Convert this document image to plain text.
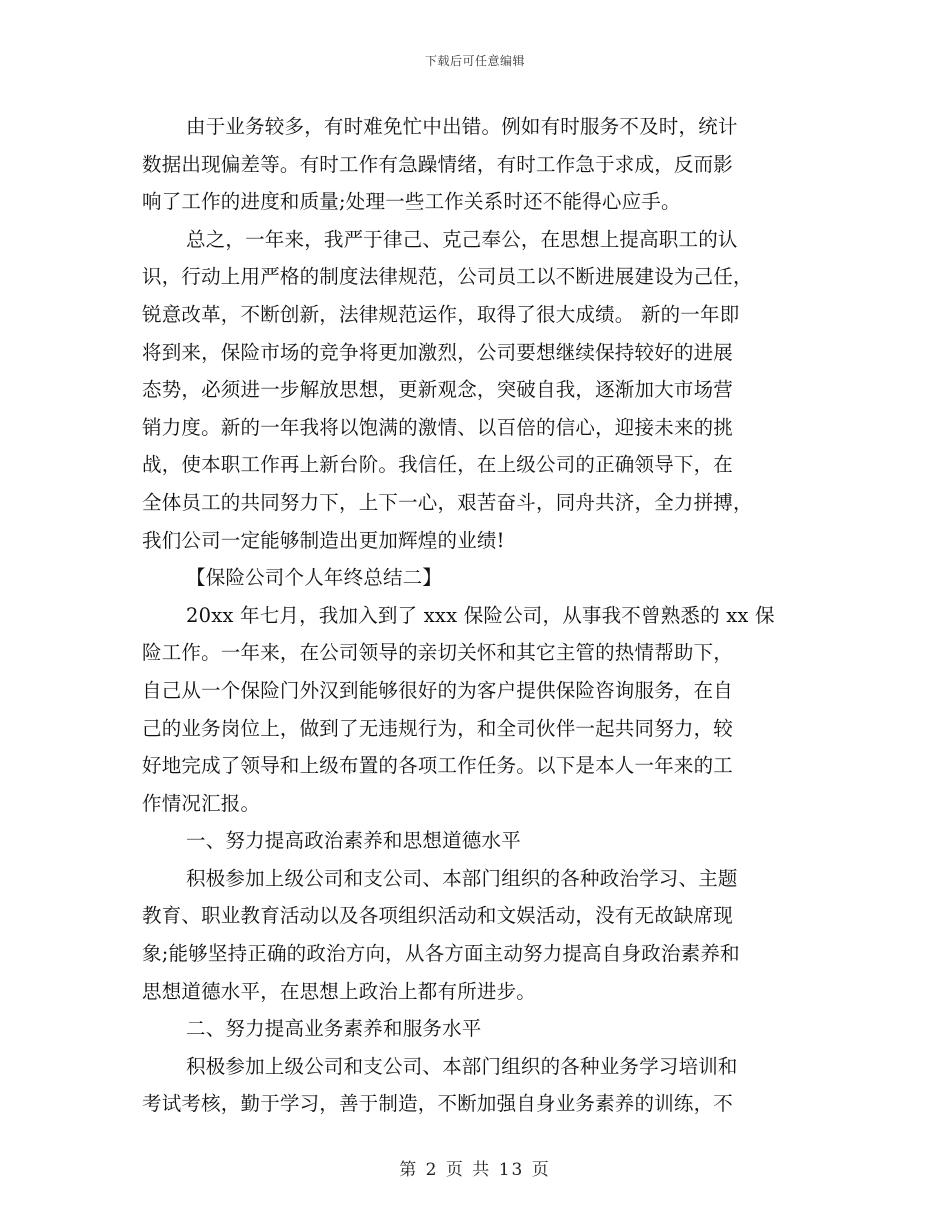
下载后可任意编辑
由于业务较多，有时难免忙中出错。例如有时服务不及时，统计
数据出现偏差等。有时工作有急躁情绪，有时工作急于求成，反而影
响了工作的进度和质量;处理一些工作关系时还不能得心应手。
总之，一年来，我严于律己、克己奉公，在思想上提高职工的认
识，行动上用严格的制度法律规范，公司员工以不断进展建设为己任，
锐意改革，不断创新，法律规范运作，取得了很大成绩。 新的一年即
将到来，保险市场的竞争将更加激烈，公司要想继续保持较好的进展
态势，必须进一步解放思想，更新观念，突破自我，逐渐加大市场营
销力度。新的一年我将以饱满的激情、以百倍的信心，迎接未来的挑
战，使本职工作再上新台阶。我信任，在上级公司的正确领导下，在
全体员工的共同努力下，上下一心，艰苦奋斗，同舟共济，全力拼搏，
我们公司一定能够制造出更加辉煌的业绩!
【保险公司个人年终总结二】
20xx 年七月，我加入到了 xxx 保险公司，从事我不曾熟悉的 xx 保
险工作。一年来，在公司领导的亲切关怀和其它主管的热情帮助下，
自己从一个保险门外汉到能够很好的为客户提供保险咨询服务，在自
己的业务岗位上，做到了无违规行为，和全司伙伴一起共同努力，较
好地完成了领导和上级布置的各项工作任务。以下是本人一年来的工
作情况汇报。
一、努力提高政治素养和思想道德水平
积极参加上级公司和支公司、本部门组织的各种政治学习、主题
教育、职业教育活动以及各项组织活动和文娱活动，没有无故缺席现
象;能够坚持正确的政治方向，从各方面主动努力提高自身政治素养和
思想道德水平，在思想上政治上都有所进步。
二、努力提高业务素养和服务水平
积极参加上级公司和支公司、本部门组织的各种业务学习培训和
考试考核，勤于学习，善于制造，不断加强自身业务素养的训练，不
第 2 页 共 13 页
